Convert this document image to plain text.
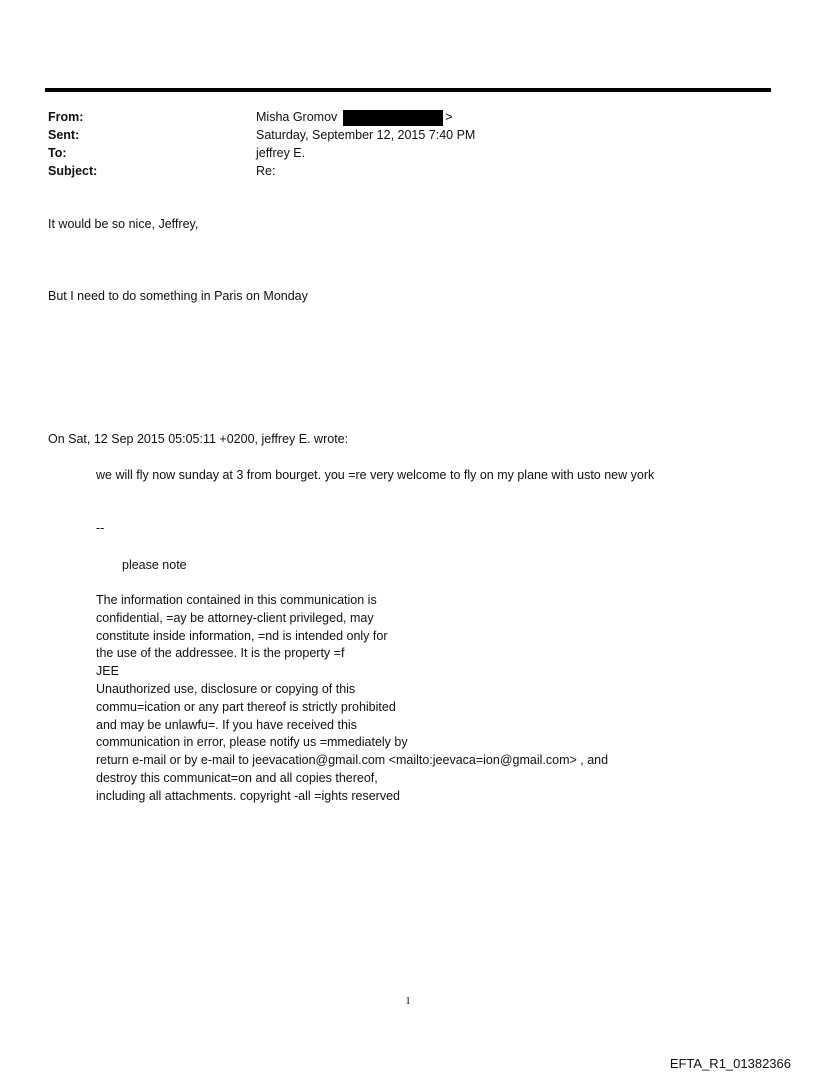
From:	Misha Gromov	>
Sent:	Saturday, September 12, 2015 7:40 PM
To:	jeffrey E.
Subject:	Re:
It would be so nice, Jeffrey,
But I need to do something in Paris on Monday
On Sat, 12 Sep 2015 05:05:11 +0200, jeffrey E. wrote:
we will fly now sunday at 3 from bourget. you =re very welcome to fly on my plane with usto new york
--
please note
The information contained in this communication is
confidential, =ay be attorney-client privileged, may
constitute inside information, =nd is intended only for
the use of the addressee. It is the property =f
JEE
Unauthorized use, disclosure or copying of this
commu=ication or any part thereof is strictly prohibited
and may be unlawfu=. If you have received this
communication in error, please notify us =mmediately by
return e-mail or by e-mail to jeevacation@gmail.com <mailto:jeevaca=ion@gmail.com> , and
destroy this communicat=on and all copies thereof,
including all attachments. copyright -all =ights reserved
1
EFTA_R1_01382366
